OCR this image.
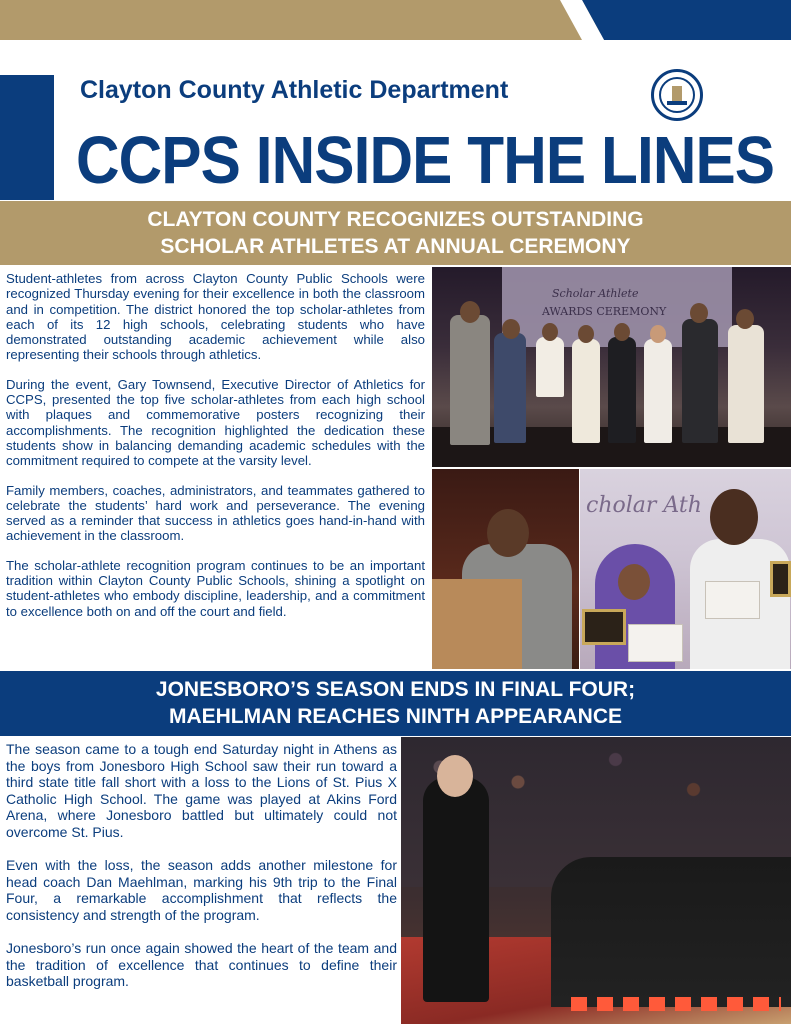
Clayton County Athletic Department
CCPS INSIDE THE LINES
CLAYTON COUNTY RECOGNIZES OUTSTANDING
SCHOLAR ATHLETES AT ANNUAL CEREMONY

Student-athletes from across Clayton County Public Schools were recognized Thursday evening for their excellence in both the classroom and in competition. The district honored the top scholar-athletes from each of its 12 high schools, celebrating students who have demonstrated outstanding academic achievement while also representing their schools through athletics.

During the event, Gary Townsend, Executive Director of Athletics for CCPS, presented the top five scholar-athletes from each high school with plaques and commemorative posters recognizing their accomplishments. The recognition highlighted the dedication these students show in balancing demanding academic schedules with the commitment required to compete at the varsity level.

Family members, coaches, administrators, and teammates gathered to celebrate the students’ hard work and perseverance. The evening served as a reminder that success in athletics goes hand-in-hand with achievement in the classroom.

The scholar-athlete recognition program continues to be an important tradition within Clayton County Public Schools, shining a spotlight on student-athletes who embody discipline, leadership, and a commitment to excellence both on and off the court and field.

Scholar Athlete
AWARDS CEREMONY
cholar Ath
JONESBORO’S SEASON ENDS IN FINAL FOUR;
MAEHLMAN REACHES NINTH APPEARANCE

The season came to a tough end Saturday night in Athens as the boys from Jonesboro High School saw their run toward a third state title fall short with a loss to the Lions of St. Pius X Catholic High School. The game was played at Akins Ford Arena, where Jonesboro battled but ultimately could not overcome St. Pius.

Even with the loss, the season adds another milestone for head coach Dan Maehlman, marking his 9th trip to the Final Four, a remarkable accomplishment that reflects the consistency and strength of the program.

Jonesboro’s run once again showed the heart of the team and the tradition of excellence that continues to define their basketball program.
